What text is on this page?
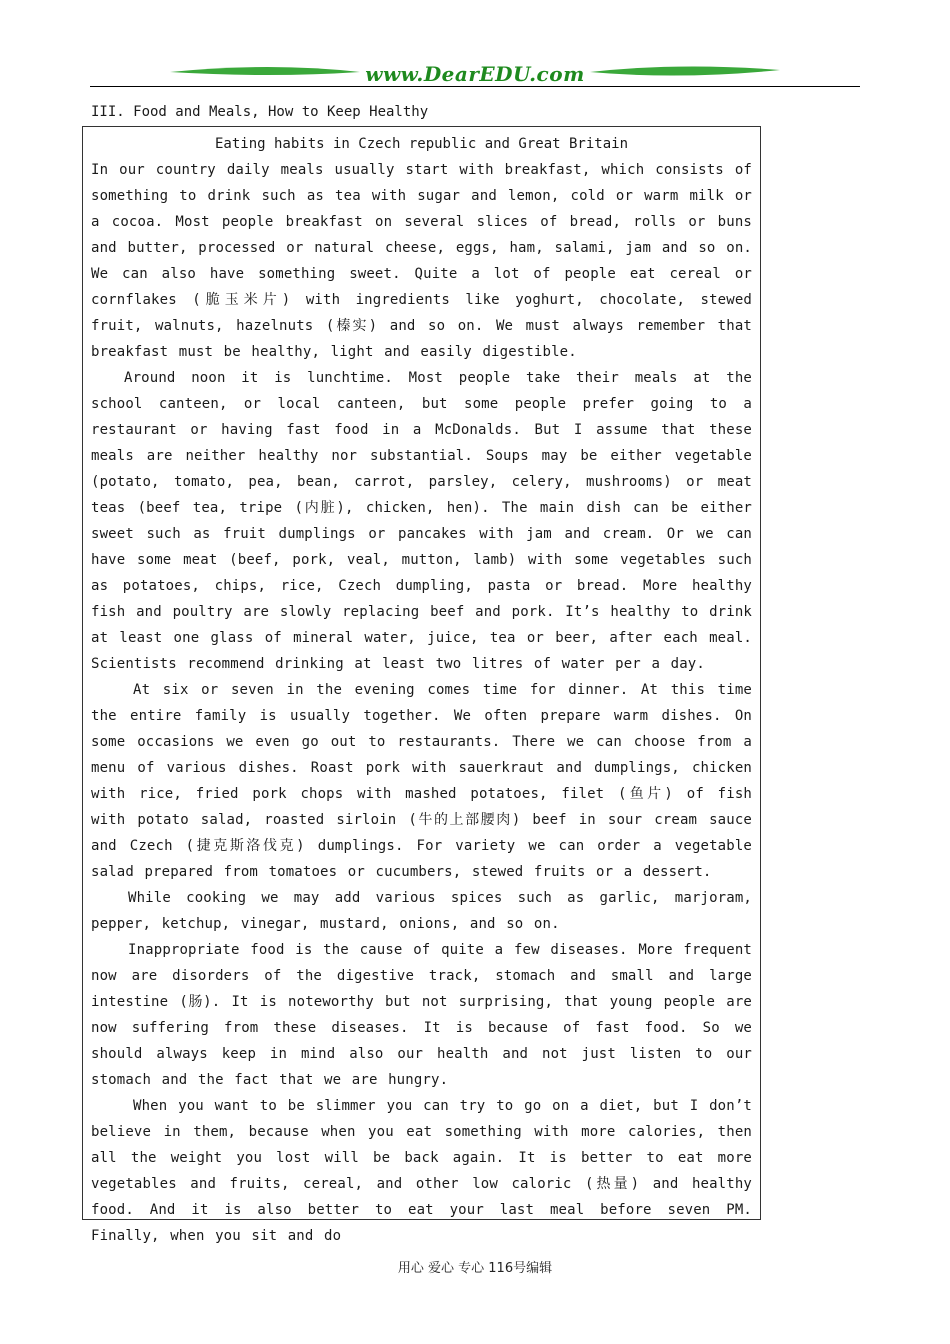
www.DearEDU.com
III. Food and Meals, How to Keep Healthy
Eating habits in Czech republic and Great Britain

In our country daily meals usually start with breakfast, which consists of something to drink such as tea with sugar and lemon, cold or warm milk or a cocoa. Most people breakfast on several slices of bread, rolls or buns and butter, processed or natural cheese, eggs, ham, salami, jam and so on. We can also have something sweet. Quite a lot of people eat cereal or cornflakes (脆玉米片) with ingredients like yoghurt, chocolate, stewed fruit, walnuts, hazelnuts (榛实) and so on. We must always remember that breakfast must be healthy, light and easily digestible.

Around noon it is lunchtime. Most people take their meals at the school canteen, or local canteen, but some people prefer going to a restaurant or having fast food in a McDonalds. But I assume that these meals are neither healthy nor substantial. Soups may be either vegetable (potato, tomato, pea, bean, carrot, parsley, celery, mushrooms) or meat teas (beef tea, tripe (内脏), chicken, hen). The main dish can be either sweet such as fruit dumplings or pancakes with jam and cream. Or we can have some meat (beef, pork, veal, mutton, lamb) with some vegetables such as potatoes, chips, rice, Czech dumpling, pasta or bread. More healthy fish and poultry are slowly replacing beef and pork. It’s healthy to drink at least one glass of mineral water, juice, tea or beer, after each meal. Scientists recommend drinking at least two litres of water per a day.

At six or seven in the evening comes time for dinner. At this time the entire family is usually together. We often prepare warm dishes. On some occasions we even go out to restaurants. There we can choose from a menu of various dishes. Roast pork with sauerkraut and dumplings, chicken with rice, fried pork chops with mashed potatoes, filet (鱼片) of fish with potato salad, roasted sirloin (牛的上部腰肉) beef in sour cream sauce and Czech (捷克斯洛伐克) dumplings. For variety we can order a vegetable salad prepared from tomatoes or cucumbers, stewed fruits or a dessert.

While cooking we may add various spices such as garlic, marjoram, pepper, ketchup, vinegar, mustard, onions, and so on.

Inappropriate food is the cause of quite a few diseases. More frequent now are disorders of the digestive track, stomach and small and large intestine (肠). It is noteworthy but not surprising, that young people are now suffering from these diseases. It is because of fast food. So we should always keep in mind also our health and not just listen to our stomach and the fact that we are hungry.

When you want to be slimmer you can try to go on a diet, but I don’t believe in them, because when you eat something with more calories, then all the weight you lost will be back again. It is better to eat more vegetables and fruits, cereal, and other low caloric (热量) and healthy food. And it is also better to eat your last meal before seven PM. Finally, when you sit and do

用心 爱心 专心 116号编辑
